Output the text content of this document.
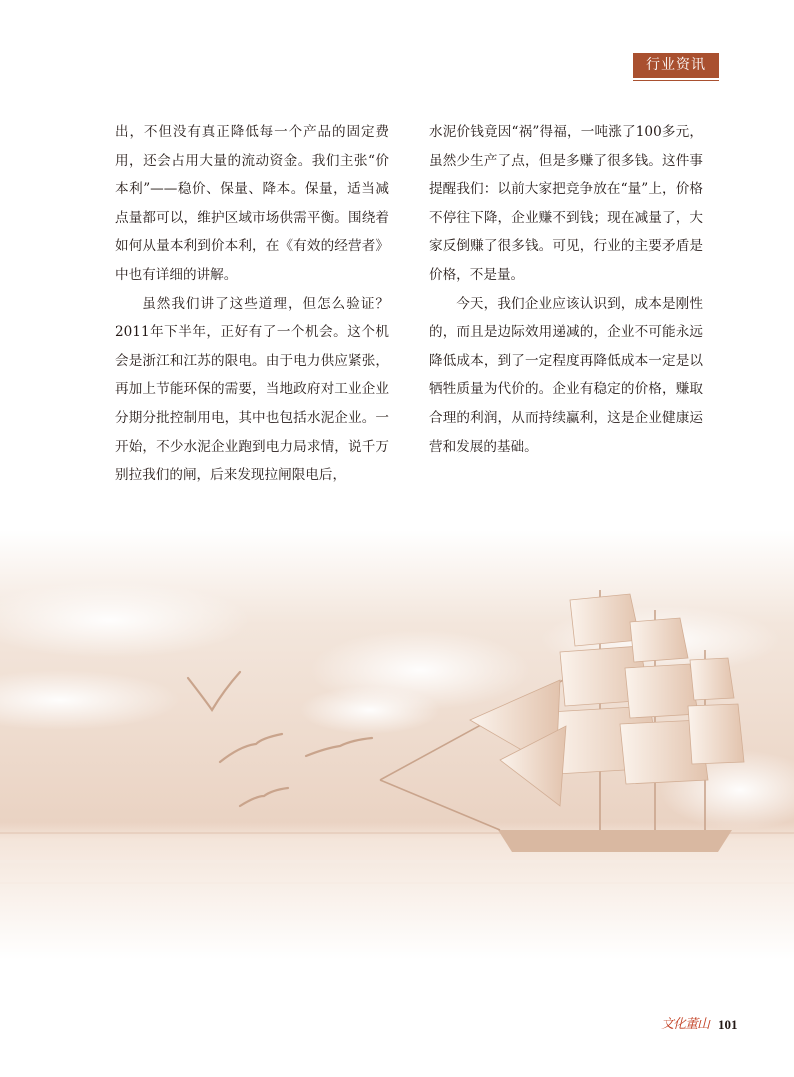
行业资讯

出，不但没有真正降低每一个产品的固定费用，还会占用大量的流动资金。我们主张“价本利”——稳价、保量、降本。保量，适当减点量都可以，维护区域市场供需平衡。围绕着如何从量本利到价本利，在《有效的经营者》中也有详细的讲解。

虽然我们讲了这些道理，但怎么验证？2011年下半年，正好有了一个机会。这个机会是浙江和江苏的限电。由于电力供应紧张，再加上节能环保的需要，当地政府对工业企业分期分批控制用电，其中也包括水泥企业。一开始，不少水泥企业跑到电力局求情，说千万别拉我们的闸，后来发现拉闸限电后，

水泥价钱竟因“祸”得福，一吨涨了100多元，虽然少生产了点，但是多赚了很多钱。这件事提醒我们：以前大家把竞争放在“量”上，价格不停往下降，企业赚不到钱；现在减量了，大家反倒赚了很多钱。可见，行业的主要矛盾是价格，不是量。

今天，我们企业应该认识到，成本是刚性的，而且是边际效用递减的，企业不可能永远降低成本，到了一定程度再降低成本一定是以牺牲质量为代价的。企业有稳定的价格，赚取合理的利润，从而持续赢利，这是企业健康运营和发展的基础。

文化董山 101
